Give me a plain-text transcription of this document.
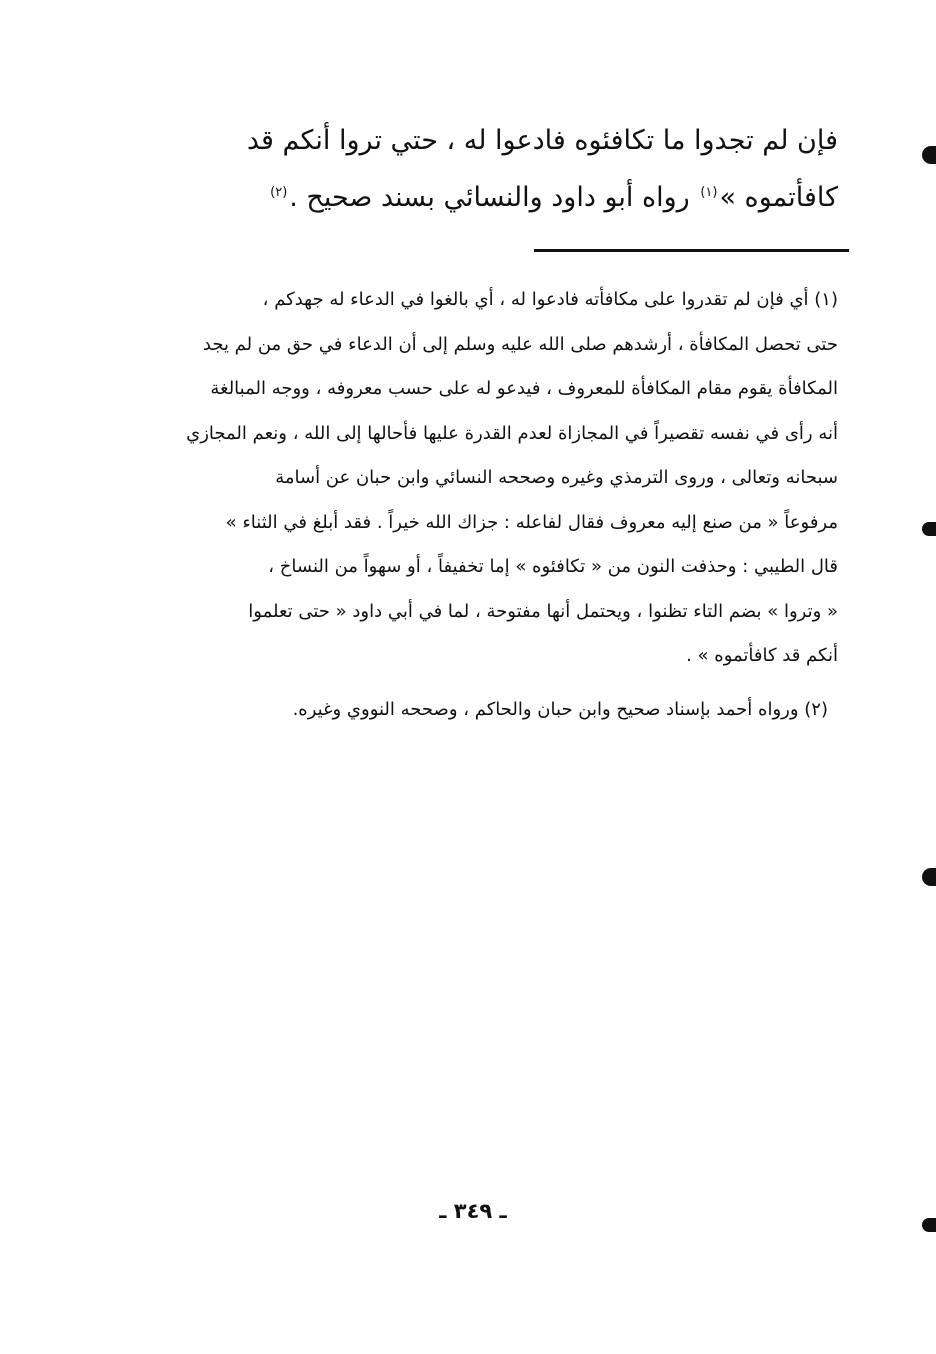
فإن لم تجدوا ما تكافئوه فادعوا له ، حتي تروا أنكم قد
كافأتموه »$^{(١)}$ رواه أبو داود والنسائي بسند صحيح .$^{(٢)}$
(١) أي فإن لم تقدروا على مكافأته فادعوا له ، أي بالغوا في الدعاء له جهدكم ،
حتى تحصل المكافأة ، أرشدهم صلى الله عليه وسلم إلى أن الدعاء في حق من لم يجد
المكافأة يقوم مقام المكافأة للمعروف ، فيدعو له على حسب معروفه ، ووجه المبالغة
أنه رأى في نفسه تقصيراً في المجازاة لعدم القدرة عليها فأحالها إلى الله ، ونعم المجازي
سبحانه وتعالى ، وروى الترمذي وغيره وصححه النسائي وابن حبان عن أسامة
مرفوعاً « من صنع إليه معروف فقال لفاعله : جزاك الله خيراً . فقد أبلغ في الثناء »
قال الطيبي : وحذفت النون من « تكافئوه » إما تخفيفاً ، أو سهواً من النساخ ،
« وتروا » بضم التاء تظنوا ، ويحتمل أنها مفتوحة ، لما في أبي داود « حتى تعلموا
أنكم قد كافأتموه » .
(٢) ورواه أحمد بإسناد صحيح وابن حبان والحاكم ، وصححه النووي وغيره.
ـ ٣٤٩ ـ
